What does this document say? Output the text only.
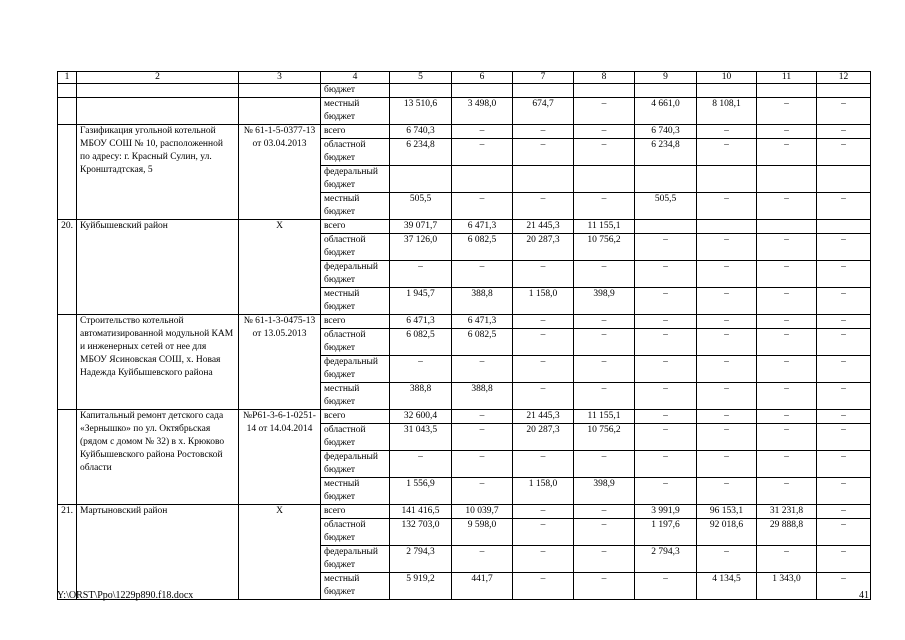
1	2	3	4	5	6	7	8	9	10	11	12
			бюджет								
			местный бюджет	13 510,6	3 498,0	674,7	–	4 661,0	8 108,1	–	–
	Газификация угольной котельной МБОУ СОШ № 10, расположенной по адресу: г. Красный Сулин, ул. Кронштадтская, 5	№ 61-1-5-0377-13 от 03.04.2013	всего	6 740,3	–	–	–	6 740,3	–	–	–
			областной бюджет	6 234,8	–	–	–	6 234,8	–	–	–
			федеральный бюджет								
			местный бюджет	505,5	–	–	–	505,5	–	–	–
20.	Куйбышевский район	Х	всего	39 071,7	6 471,3	21 445,3	11 155,1				
			областной бюджет	37 126,0	6 082,5	20 287,3	10 756,2	–	–	–	–
			федеральный бюджет	–	–	–	–	–	–	–	–
			местный бюджет	1 945,7	388,8	1 158,0	398,9	–	–	–	–
	Строительство котельной автоматизированной модульной КАМ и инженерных сетей от нее для МБОУ Ясиновская СОШ, х. Новая Надежда Куйбышевского района	№ 61-1-3-0475-13 от 13.05.2013	всего	6 471,3	6 471,3	–	–	–	–	–	–
			областной бюджет	6 082,5	6 082,5	–	–	–	–	–	–
			федеральный бюджет	–	–	–	–	–	–	–	–
			местный бюджет	388,8	388,8	–	–	–	–	–	–
	Капитальный ремонт детского сада «Зернышко» по ул. Октябрьская (рядом с домом № 32) в х. Крюково Куйбышевского района Ростовской области	№Р61-3-6-1-0251-14 от 14.04.2014	всего	32 600,4	–	21 445,3	11 155,1	–	–	–	–
			областной бюджет	31 043,5	–	20 287,3	10 756,2	–	–	–	–
			федеральный бюджет	–	–	–	–	–	–	–	–
			местный бюджет	1 556,9	–	1 158,0	398,9	–	–	–	–
21.	Мартыновский район	Х	всего	141 416,5	10 039,7	–	–	3 991,9	96 153,1	31 231,8	–
			областной бюджет	132 703,0	9 598,0	–	–	1 197,6	92 018,6	29 888,8	–
			федеральный бюджет	2 794,3	–	–	–	2 794,3	–	–	–
			местный бюджет	5 919,2	441,7	–	–	–	4 134,5	1 343,0	–
Y:\ORST\Ppo\1229p890.f18.docx	41
